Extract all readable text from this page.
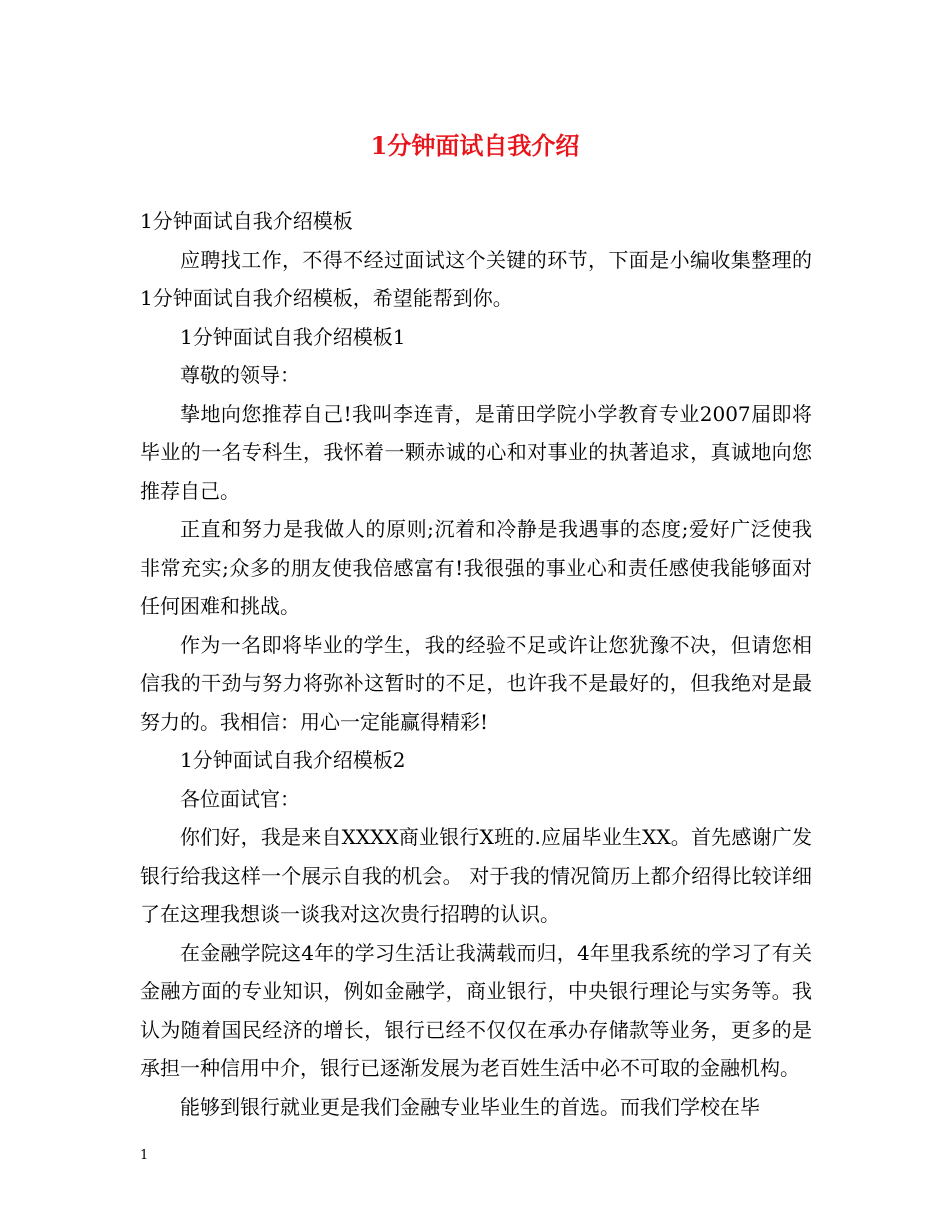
1分钟面试自我介绍

1分钟面试自我介绍模板

应聘找工作，不得不经过面试这个关键的环节，下面是小编收集整理的1分钟面试自我介绍模板，希望能帮到你。

1分钟面试自我介绍模板1

尊敬的领导：

挚地向您推荐自己!我叫李连青，是莆田学院小学教育专业2007届即将毕业的一名专科生，我怀着一颗赤诚的心和对事业的执著追求，真诚地向您推荐自己。

正直和努力是我做人的原则;沉着和冷静是我遇事的态度;爱好广泛使我非常充实;众多的朋友使我倍感富有!我很强的事业心和责任感使我能够面对任何困难和挑战。

作为一名即将毕业的学生，我的经验不足或许让您犹豫不决，但请您相信我的干劲与努力将弥补这暂时的不足，也许我不是最好的，但我绝对是最努力的。我相信：用心一定能赢得精彩!

1分钟面试自我介绍模板2

各位面试官：

你们好，我是来自XXXX商业银行X班的.应届毕业生XX。首先感谢广发银行给我这样一个展示自我的机会。 对于我的情况简历上都介绍得比较详细了在这理我想谈一谈我对这次贵行招聘的认识。

在金融学院这4年的学习生活让我满载而归，4年里我系统的学习了有关金融方面的专业知识，例如金融学，商业银行，中央银行理论与实务等。我认为随着国民经济的增长，银行已经不仅仅在承办存储款等业务，更多的是承担一种信用中介，银行已逐渐发展为老百姓生活中必不可取的金融机构。

能够到银行就业更是我们金融专业毕业生的首选。而我们学校在毕

1
